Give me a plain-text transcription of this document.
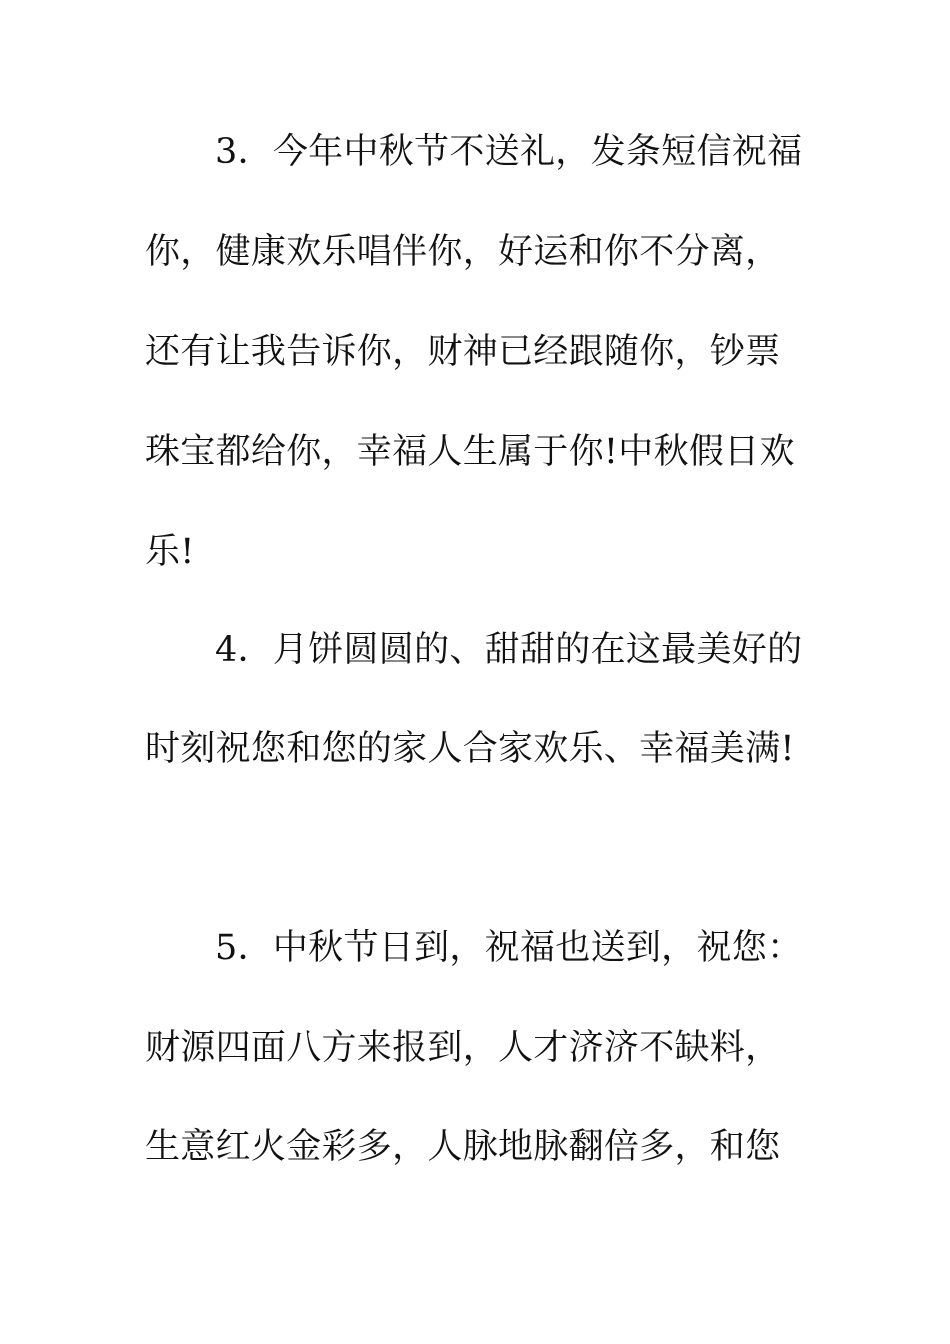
3．今年中秋节不送礼，发条短信祝福
你，健康欢乐唱伴你，好运和你不分离，
还有让我告诉你，财神已经跟随你，钞票
珠宝都给你，幸福人生属于你!中秋假日欢
乐!
4．月饼圆圆的、甜甜的在这最美好的
时刻祝您和您的家人合家欢乐、幸福美满!
5．中秋节日到，祝福也送到，祝您：
财源四面八方来报到，人才济济不缺料，
生意红火金彩多，人脉地脉翻倍多，和您
